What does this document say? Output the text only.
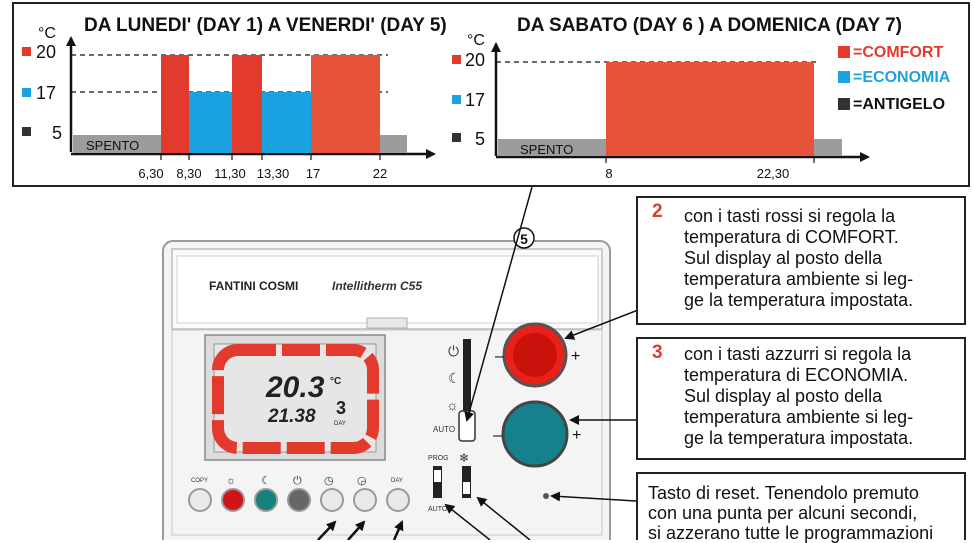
DA LUNEDI' (DAY 1) A VENERDI' (DAY 5)
°C
20
17
5
SPENTO
6,30 8,30 11,30 13,30 17	22
DA SABATO (DAY 6 ) A DOMENICA (DAY 7)
°C
20
17
5
SPENTO
8	22,30
=COMFORT
=ECONOMIA
=ANTIGELO
FANTINI COSMI	Intellitherm C55
20.3 °C
21.38 3
DAY
⏻
☾
☼
AUTO
–	+
–	+
PROG
AUTO
❄
COPY ☼ ☾ ⏻ ◷ ◶	DAY
5
2 con i tasti rossi si regola la
temperatura di COMFORT.
Sul display al posto della
temperatura ambiente si leg-
ge la temperatura impostata.
3 con i tasti azzurri si regola la
temperatura di ECONOMIA.
Sul display al posto della
temperatura ambiente si leg-
ge la temperatura impostata.
Tasto di reset. Tenendolo premuto
con una punta per alcuni secondi,
si azzerano tutte le programmazioni
